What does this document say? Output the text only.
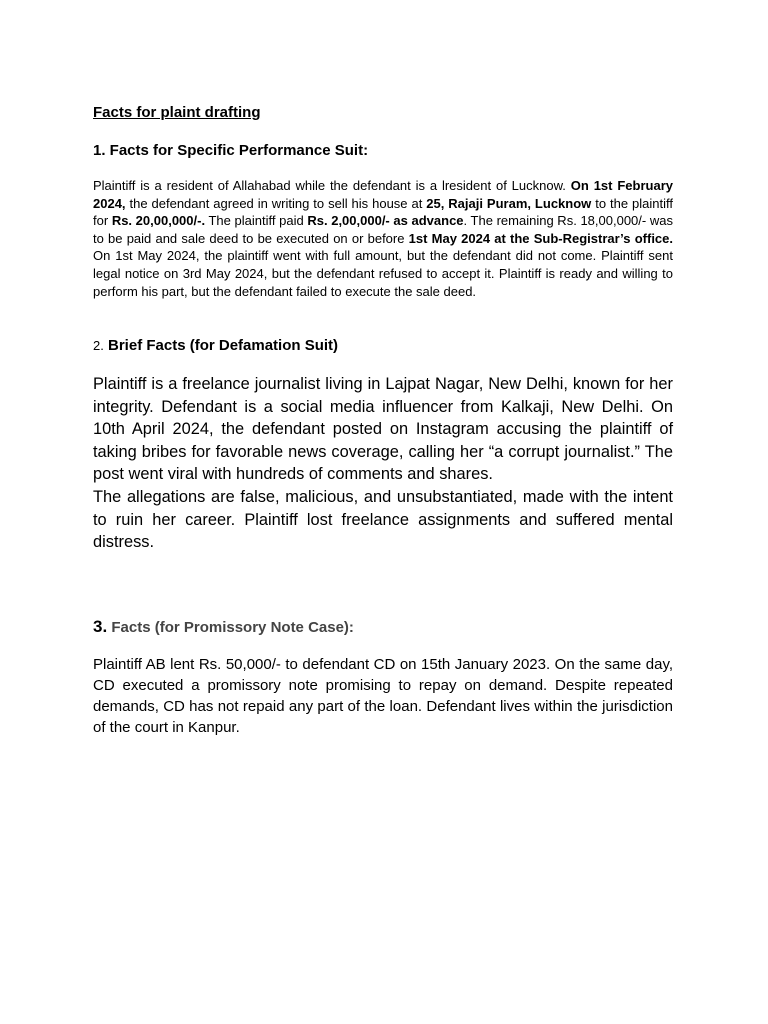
Facts for plaint drafting
1. Facts for Specific Performance Suit:
Plaintiff is a resident of Allahabad while the defendant is a lresident of Lucknow. On 1st February 2024, the defendant agreed in writing to sell his house at 25, Rajaji Puram, Lucknow to the plaintiff for Rs. 20,00,000/-. The plaintiff paid Rs. 2,00,000/- as advance. The remaining Rs. 18,00,000/- was to be paid and sale deed to be executed on or before 1st May 2024 at the Sub-Registrar’s office. On 1st May 2024, the plaintiff went with full amount, but the defendant did not come. Plaintiff sent legal notice on 3rd May 2024, but the defendant refused to accept it. Plaintiff is ready and willing to perform his part, but the defendant failed to execute the sale deed.
2. Brief Facts (for Defamation Suit)
Plaintiff is a freelance journalist living in Lajpat Nagar, New Delhi, known for her integrity. Defendant is a social media influencer from Kalkaji, New Delhi. On 10th April 2024, the defendant posted on Instagram accusing the plaintiff of taking bribes for favorable news coverage, calling her “a corrupt journalist.” The post went viral with hundreds of comments and shares.
The allegations are false, malicious, and unsubstantiated, made with the intent to ruin her career. Plaintiff lost freelance assignments and suffered mental distress.
3. Facts (for Promissory Note Case):
Plaintiff AB lent Rs. 50,000/- to defendant CD on 15th January 2023. On the same day, CD executed a promissory note promising to repay on demand. Despite repeated demands, CD has not repaid any part of the loan. Defendant lives within the jurisdiction of the court in Kanpur.
